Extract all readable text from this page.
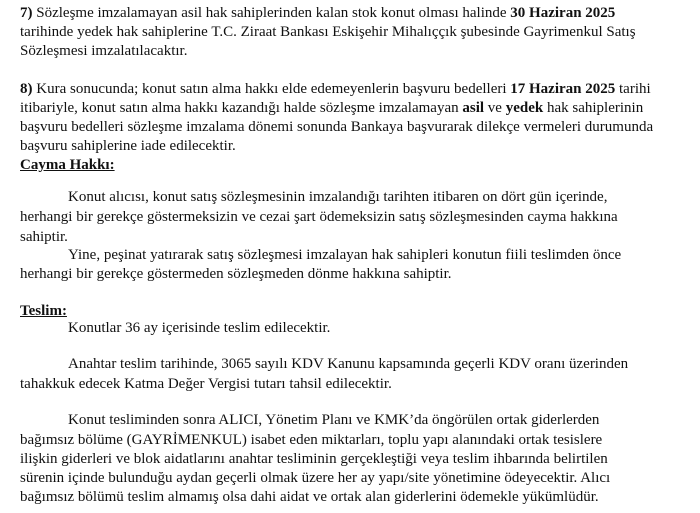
7) Sözleşme imzalamayan asil hak sahiplerinden kalan stok konut olması halinde 30 Haziran 2025
tarihinde yedek hak sahiplerine T.C. Ziraat Bankası Eskişehir Mihalıççık şubesinde Gayrimenkul Satış
Sözleşmesi imzalatılacaktır.
8) Kura sonucunda; konut satın alma hakkı elde edemeyenlerin başvuru bedelleri 17 Haziran 2025 tarihi
itibariyle, konut satın alma hakkı kazandığı halde sözleşme imzalamayan asil ve yedek hak sahiplerinin
başvuru bedelleri sözleşme imzalama dönemi sonunda Bankaya başvurarak dilekçe vermeleri durumunda
başvuru sahiplerine iade edilecektir.
Cayma Hakkı:
Konut alıcısı, konut satış sözleşmesinin imzalandığı tarihten itibaren on dört gün içerinde,
herhangi bir gerekçe göstermeksizin ve cezai şart ödemeksizin satış sözleşmesinden cayma hakkına
sahiptir.
Yine, peşinat yatırarak satış sözleşmesi imzalayan hak sahipleri konutun fiili teslimden önce
herhangi bir gerekçe göstermeden sözleşmeden dönme hakkına sahiptir.
Teslim:
Konutlar 36 ay içerisinde teslim edilecektir.
Anahtar teslim tarihinde, 3065 sayılı KDV Kanunu kapsamında geçerli KDV oranı üzerinden
tahakkuk edecek Katma Değer Vergisi tutarı tahsil edilecektir.
Konut tesliminden sonra ALICI, Yönetim Planı ve KMK’da öngörülen ortak giderlerden
bağımsız bölüme (GAYRİMENKUL) isabet eden miktarları, toplu yapı alanındaki ortak tesislere
ilişkin giderleri ve blok aidatlarını anahtar tesliminin gerçekleştiği veya teslim ihbarında belirtilen
sürenin içinde bulunduğu aydan geçerli olmak üzere her ay yapı/site yönetimine ödeyecektir. Alıcı
bağımsız bölümü teslim almamış olsa dahi aidat ve ortak alan giderlerini ödemekle yükümlüdür.
